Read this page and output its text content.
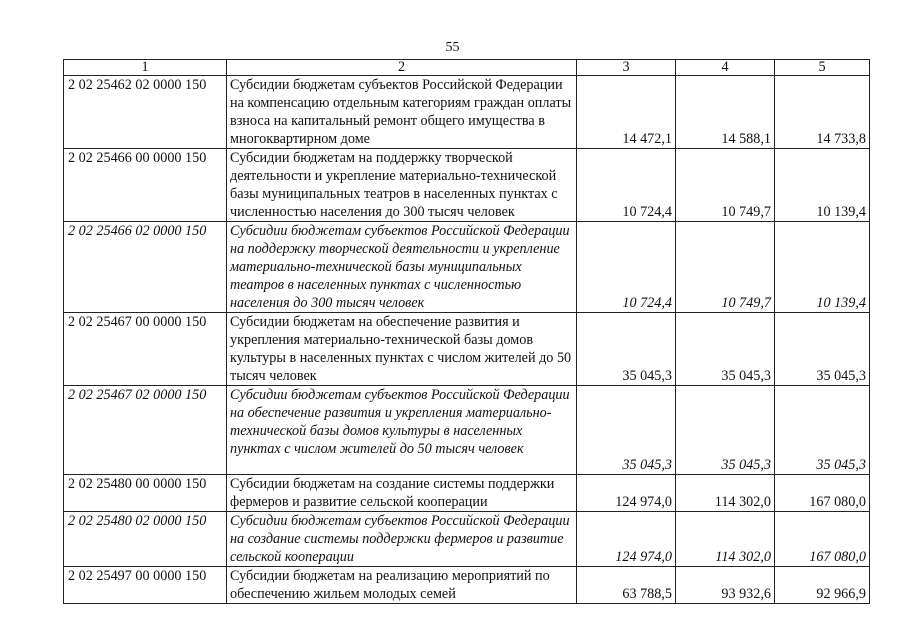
55
1	2	3	4	5
2 02 25462 02 0000 150	Субсидии бюджетам субъектов Российской Федерации на компенсацию отдельным категориям граждан оплаты взноса на капитальный ремонт общего имущества в многоквартирном доме	14 472,1	14 588,1	14 733,8
2 02 25466 00 0000 150	Субсидии бюджетам на поддержку творческой деятельности и укрепление материально-технической базы муниципальных театров в населенных пунктах с численностью населения до 300 тысяч человек	10 724,4	10 749,7	10 139,4
2 02 25466 02 0000 150	Субсидии бюджетам субъектов Российской Федерации на поддержку творческой деятельности и укрепление материально-технической базы муниципальных театров в населенных пунктах с численностью населения до 300 тысяч человек	10 724,4	10 749,7	10 139,4
2 02 25467 00 0000 150	Субсидии бюджетам на обеспечение развития и укрепления материально-технической базы домов культуры в населенных пунктах с числом жителей до 50 тысяч человек	35 045,3	35 045,3	35 045,3
2 02 25467 02 0000 150	Субсидии бюджетам субъектов Российской Федерации на обеспечение развития и укрепления материально-технической базы домов культуры в населенных пунктах с числом жителей до 50 тысяч человек	35 045,3	35 045,3	35 045,3
2 02 25480 00 0000 150	Субсидии бюджетам на создание системы поддержки фермеров и развитие сельской кооперации	124 974,0	114 302,0	167 080,0
2 02 25480 02 0000 150	Субсидии бюджетам субъектов Российской Федерации на создание системы поддержки фермеров и развитие сельской кооперации	124 974,0	114 302,0	167 080,0
2 02 25497 00 0000 150	Субсидии бюджетам на реализацию мероприятий по обеспечению жильем молодых семей	63 788,5	93 932,6	92 966,9
